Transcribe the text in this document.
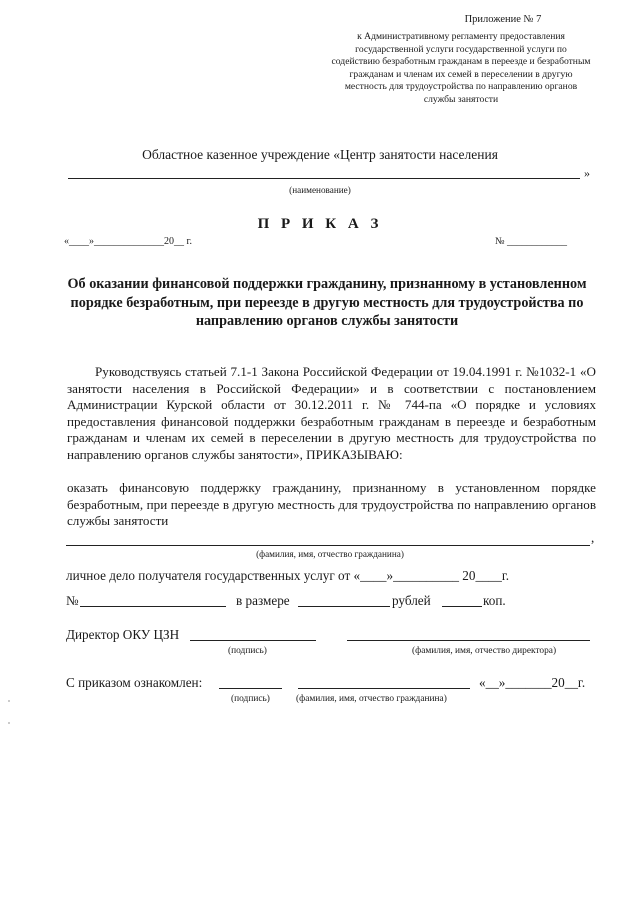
Приложение № 7
к Административному регламенту предоставления государственной услуги государственной услуги по содействию безработным гражданам в переезде и безработным гражданам и членам их семей в переселении в другую местность для трудоустройства по направлению органов службы занятости
Областное казенное учреждение «Центр занятости населения
»
(наименование)
П Р И К А З
«____»______________20__ г.	№ ____________
Об оказании финансовой поддержки гражданину, признанному в установленном порядке безработным, при переезде в другую местность для трудоустройства по направлению органов службы занятости
Руководствуясь статьей 7.1-1 Закона Российской Федерации от 19.04.1991 г. №1032-1 «О занятости населения в Российской Федерации» и в соответствии с постановлением Администрации Курской области от 30.12.2011 г. № 744-па «О порядке и условиях предоставления финансовой поддержки безработным гражданам в переезде и безработным гражданам и членам их семей в переселении в другую местность для трудоустройства по направлению органов службы занятости», ПРИКАЗЫВАЮ:
оказать финансовую поддержку гражданину, признанному в установленном порядке безработным, при переезде в другую местность для трудоустройства по направлению органов службы занятости
,
(фамилия, имя, отчество гражданина)
личное дело получателя государственных услуг от «____»__________ 20____г.
№	в размере	рублей	коп.
Директор ОКУ ЦЗН
(подпись)	(фамилия, имя, отчество директора)
С приказом ознакомлен:	«__»_______20__г.
(подпись)	(фамилия, имя, отчество гражданина)
